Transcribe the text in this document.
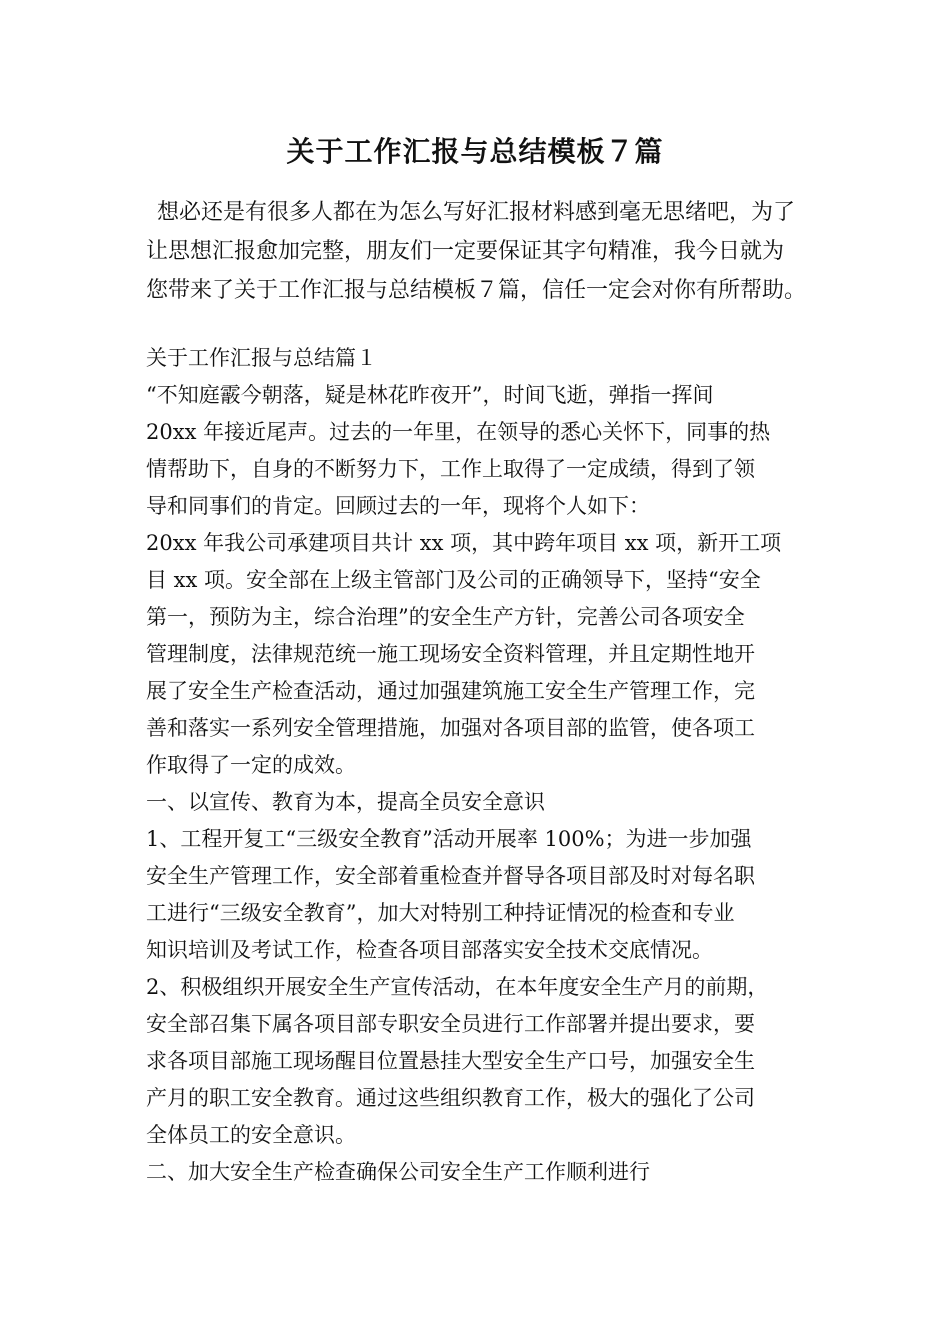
关于工作汇报与总结模板７篇
想必还是有很多人都在为怎么写好汇报材料感到毫无思绪吧，为了
让思想汇报愈加完整，朋友们一定要保证其字句精准，我今日就为
您带来了关于工作汇报与总结模板７篇，信任一定会对你有所帮助。
关于工作汇报与总结篇１
“不知庭霰今朝落，疑是林花昨夜开”，时间飞逝，弹指一挥间
20xx 年接近尾声。过去的一年里，在领导的悉心关怀下，同事的热
情帮助下，自身的不断努力下，工作上取得了一定成绩，得到了领
导和同事们的肯定。回顾过去的一年，现将个人如下：
20xx 年我公司承建项目共计 xx 项，其中跨年项目 xx 项，新开工项
目 xx 项。安全部在上级主管部门及公司的正确领导下，坚持“安全
第一，预防为主，综合治理”的安全生产方针，完善公司各项安全
管理制度，法律规范统一施工现场安全资料管理，并且定期性地开
展了安全生产检查活动，通过加强建筑施工安全生产管理工作，完
善和落实一系列安全管理措施，加强对各项目部的监管，使各项工
作取得了一定的成效。
一、以宣传、教育为本，提高全员安全意识
1、工程开复工“三级安全教育”活动开展率 100%；为进一步加强
安全生产管理工作，安全部着重检查并督导各项目部及时对每名职
工进行“三级安全教育”，加大对特别工种持证情况的检查和专业
知识培训及考试工作，检查各项目部落实安全技术交底情况。
2、积极组织开展安全生产宣传活动，在本年度安全生产月的前期，
安全部召集下属各项目部专职安全员进行工作部署并提出要求，要
求各项目部施工现场醒目位置悬挂大型安全生产口号，加强安全生
产月的职工安全教育。通过这些组织教育工作，极大的强化了公司
全体员工的安全意识。
二、加大安全生产检查确保公司安全生产工作顺利进行
